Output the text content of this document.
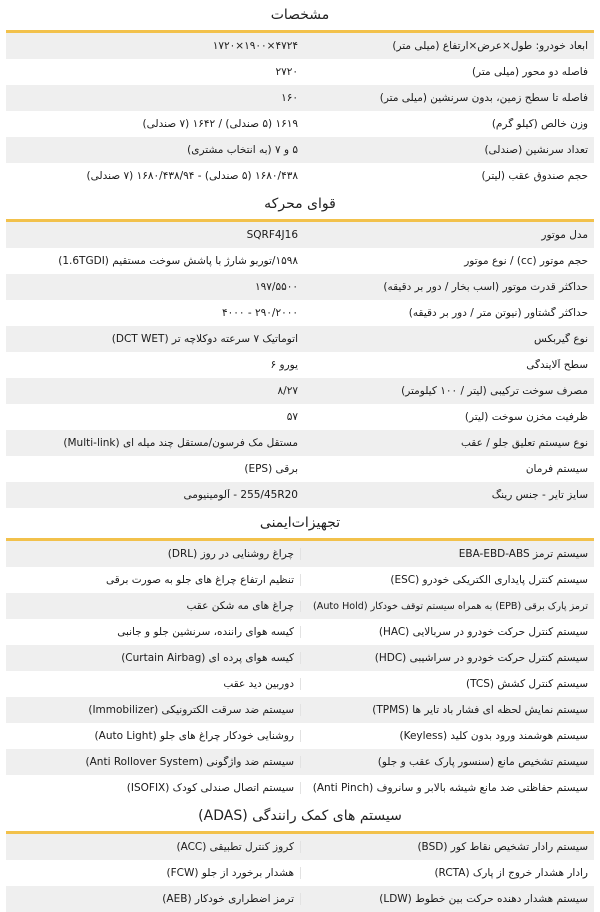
مشخصات
ابعاد خودرو: طول×عرض×ارتفاع (میلی متر)
۴۷۲۴×۱۹۰۰×۱۷۲۰
فاصله دو محور (میلی متر)
۲۷۲۰
فاصله تا سطح زمین، بدون سرنشین (میلی متر)
۱۶۰
وزن خالص (کیلو گرم)
۱۶۱۹ (۵ صندلی) / ۱۶۴۲ (۷ صندلی)
تعداد سرنشین (صندلی)
۵ و ۷ (به انتخاب مشتری)
حجم صندوق عقب (لیتر)
۱۶۸۰/۴۳۸ (۵ صندلی) - ۱۶۸۰/۴۳۸/۹۴ (۷ صندلی)
قوای محرکه
مدل موتور
SQRF4J16
حجم موتور (cc) / نوع موتور
۱۵۹۸/توربو شارژ با پاشش سوخت مستقیم (1.6TGDI)
حداکثر قدرت موتور (اسب بخار / دور بر دقیقه)
۱۹۷/۵۵۰۰
حداکثر گشتاور (نیوتن متر / دور بر دقیقه)
۲۹۰/۲۰۰۰ - ۴۰۰۰
نوع گیربکس
اتوماتیک ۷ سرعته دوکلاچه تر (DCT WET)
سطح آلایندگی
یورو ۶
مصرف سوخت ترکیبی (لیتر / ۱۰۰ کیلومتر)
۸/۲۷
ظرفیت مخزن سوخت (لیتر)
۵۷
نوع سیستم تعلیق جلو / عقب
مستقل مک فرسون/مستقل چند میله ای (Multi-link)
سیستم فرمان
برقی (EPS)
سایز تایر - جنس رینگ
255/45R20 - آلومینیومی
تجهیزات‌ایمنی
سیستم ترمز EBA-EBD-ABS
چراغ روشنایی در روز (DRL)
سیستم کنترل پایداری الکتریکی خودرو (ESC)
تنظیم ارتفاع چراغ های جلو به صورت برقی
ترمز پارک برقی (EPB) به همراه سیستم توقف خودکار (Auto Hold)
چراغ های مه شکن عقب
سیستم کنترل حرکت خودرو در سربالایی (HAC)
کیسه هوای راننده، سرنشین جلو و جانبی
سیستم کنترل حرکت خودرو در سراشیبی (HDC)
کیسه هوای پرده ای (Curtain Airbag)
سیستم کنترل کشش (TCS)
دوربین دید عقب
سیستم نمایش لحظه ای فشار باد تایر ها (TPMS)
سیستم ضد سرقت الکترونیکی (Immobilizer)
سیستم هوشمند ورود بدون کلید (Keyless)
روشنایی خودکار چراغ های جلو (Auto Light)
سیستم تشخیص مانع (سنسور پارک عقب و جلو)
سیستم ضد واژگونی (Anti Rollover System)
سیستم حفاظتی ضد مانع شیشه بالابر و سانروف (Anti Pinch)
سیستم اتصال صندلی کودک (ISOFIX)
سیستم های کمک رانندگی (ADAS)
سیستم رادار تشخیص نقاط کور (BSD)
کروز کنترل تطبیقی (ACC)
رادار هشدار خروج از پارک (RCTA)
هشدار برخورد از جلو (FCW)
سیستم هشدار دهنده حرکت بین خطوط (LDW)
ترمز اضطراری خودکار (AEB)
